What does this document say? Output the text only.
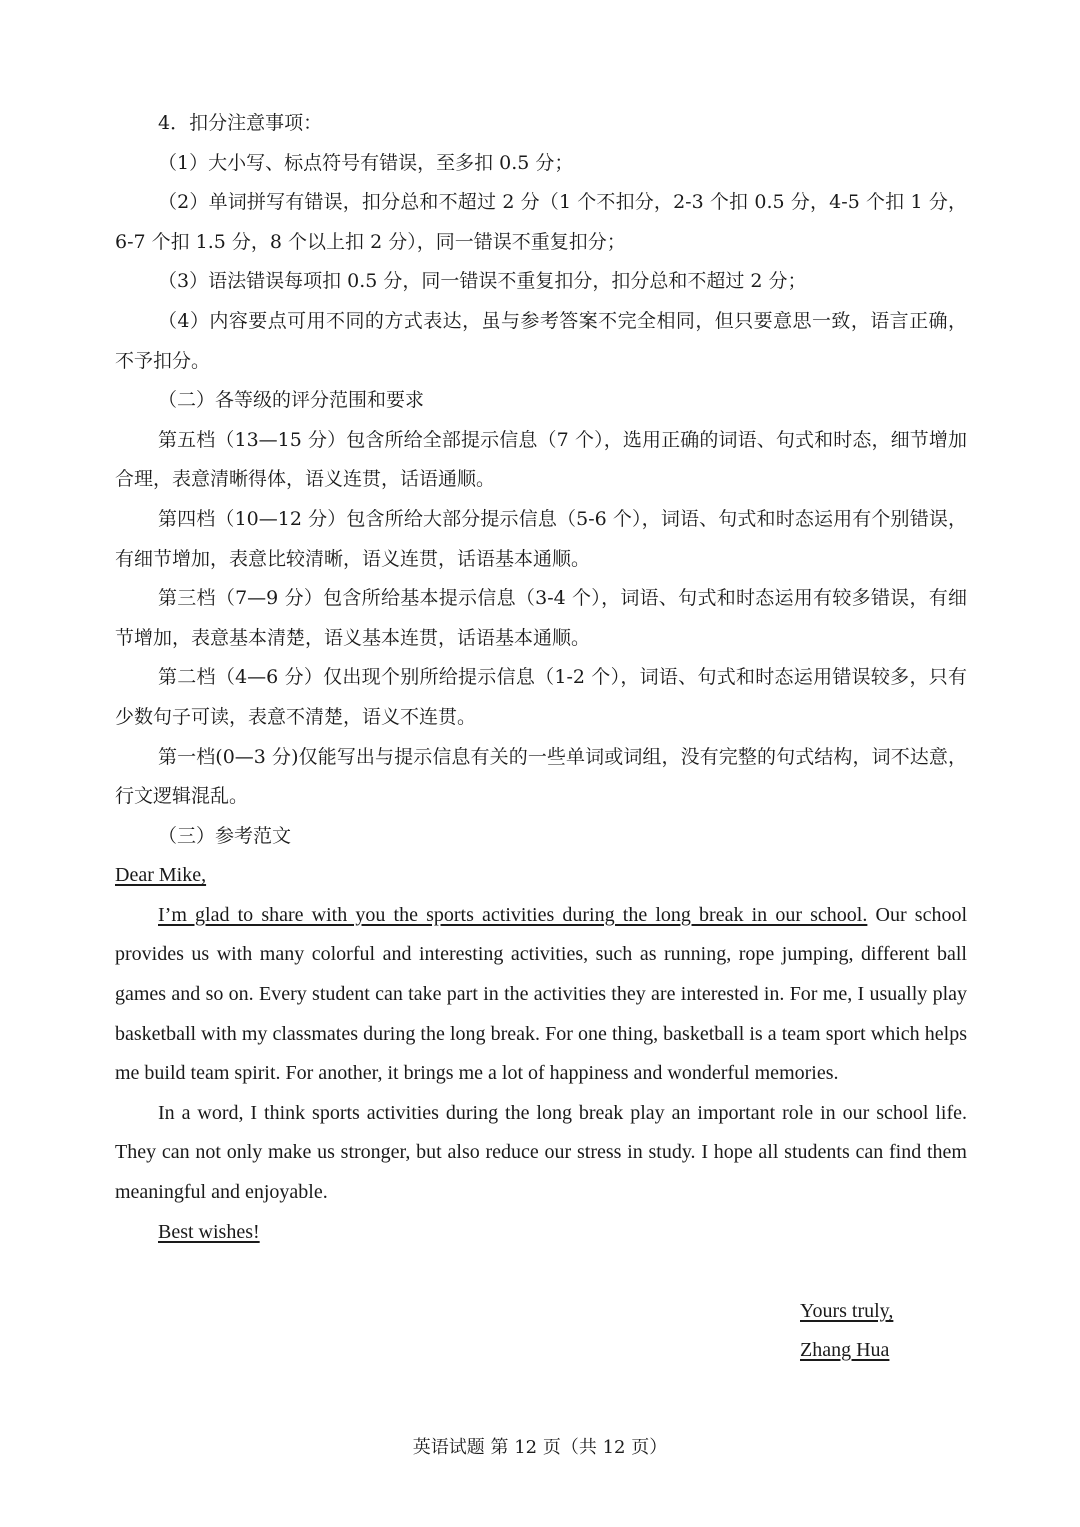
4．扣分注意事项：

（1）大小写、标点符号有错误，至多扣 0.5 分；

（2）单词拼写有错误，扣分总和不超过 2 分（1 个不扣分，2-3 个扣 0.5 分，4-5 个扣 1 分，6-7 个扣 1.5 分，8 个以上扣 2 分），同一错误不重复扣分；

（3）语法错误每项扣 0.5 分，同一错误不重复扣分，扣分总和不超过 2 分；

（4）内容要点可用不同的方式表达，虽与参考答案不完全相同，但只要意思一致，语言正确，不予扣分。

（二）各等级的评分范围和要求

第五档（13—15 分）包含所给全部提示信息（7 个），选用正确的词语、句式和时态，细节增加合理，表意清晰得体，语义连贯，话语通顺。

第四档（10—12 分）包含所给大部分提示信息（5-6 个），词语、句式和时态运用有个别错误，有细节增加，表意比较清晰，语义连贯，话语基本通顺。

第三档（7—9 分）包含所给基本提示信息（3-4 个），词语、句式和时态运用有较多错误，有细节增加，表意基本清楚，语义基本连贯，话语基本通顺。

第二档（4—6 分）仅出现个别所给提示信息（1-2 个），词语、句式和时态运用错误较多，只有少数句子可读，表意不清楚，语义不连贯。

第一档(0—3 分)仅能写出与提示信息有关的一些单词或词组，没有完整的句式结构，词不达意，行文逻辑混乱。

（三）参考范文

Dear Mike,

I’m glad to share with you the sports activities during the long break in our school. Our school provides us with many colorful and interesting activities, such as running, rope jumping, different ball games and so on. Every student can take part in the activities they are interested in. For me, I usually play basketball with my classmates during the long break. For one thing, basketball is a team sport which helps me build team spirit. For another, it brings me a lot of happiness and wonderful memories.

In a word, I think sports activities during the long break play an important role in our school life. They can not only make us stronger, but also reduce our stress in study. I hope all students can find them meaningful and enjoyable.

Best wishes!

Yours truly,
Zhang Hua
英语试题 第 12 页（共 12 页）
